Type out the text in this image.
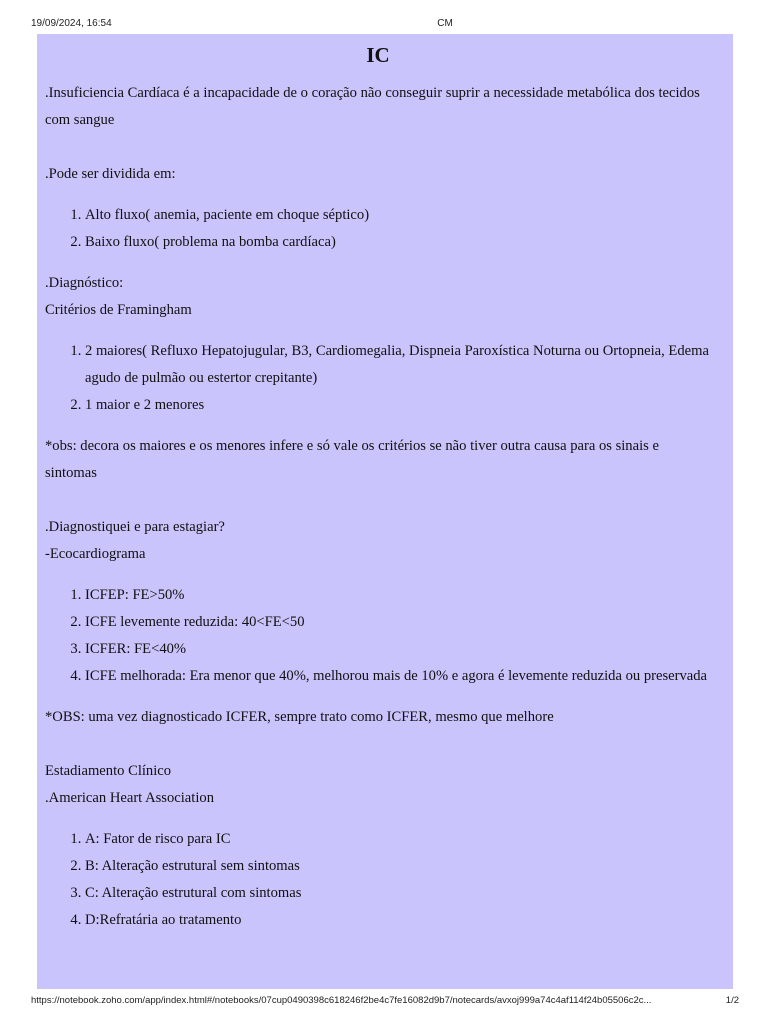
19/09/2024, 16:54	CM
IC

.Insuficiencia Cardíaca é a incapacidade de o coração não conseguir suprir a necessidade metabólica dos tecidos com sangue

.Pode ser dividida em:

1. Alto fluxo( anemia, paciente em choque séptico)
2. Baixo fluxo( problema na bomba cardíaca)

.Diagnóstico:

Critérios de Framingham

1. 2 maiores( Refluxo Hepatojugular, B3, Cardiomegalia, Dispneia Paroxística Noturna ou Ortopneia, Edema agudo de pulmão ou estertor crepitante)
2. 1 maior e 2 menores

*obs: decora os maiores e os menores infere e só vale os critérios se não tiver outra causa para os sinais e sintomas

.Diagnostiquei e para estagiar?

-Ecocardiograma

1. ICFEP: FE>50%
2. ICFE levemente reduzida: 40<FE<50
3. ICFER: FE<40%
4. ICFE melhorada: Era menor que 40%, melhorou mais de 10% e agora é levemente reduzida ou preservada

*OBS: uma vez diagnosticado ICFER, sempre trato como ICFER, mesmo que melhore

Estadiamento Clínico

.American Heart Association

1. A: Fator de risco para IC
2. B: Alteração estrutural sem sintomas
3. C: Alteração estrutural com sintomas
4. D:Refratária ao tratamento
https://notebook.zoho.com/app/index.html#/notebooks/07cup0490398c618246f2be4c7fe16082d9b7/notecards/avxoj999a74c4af114f24b05506c2c...	1/2
